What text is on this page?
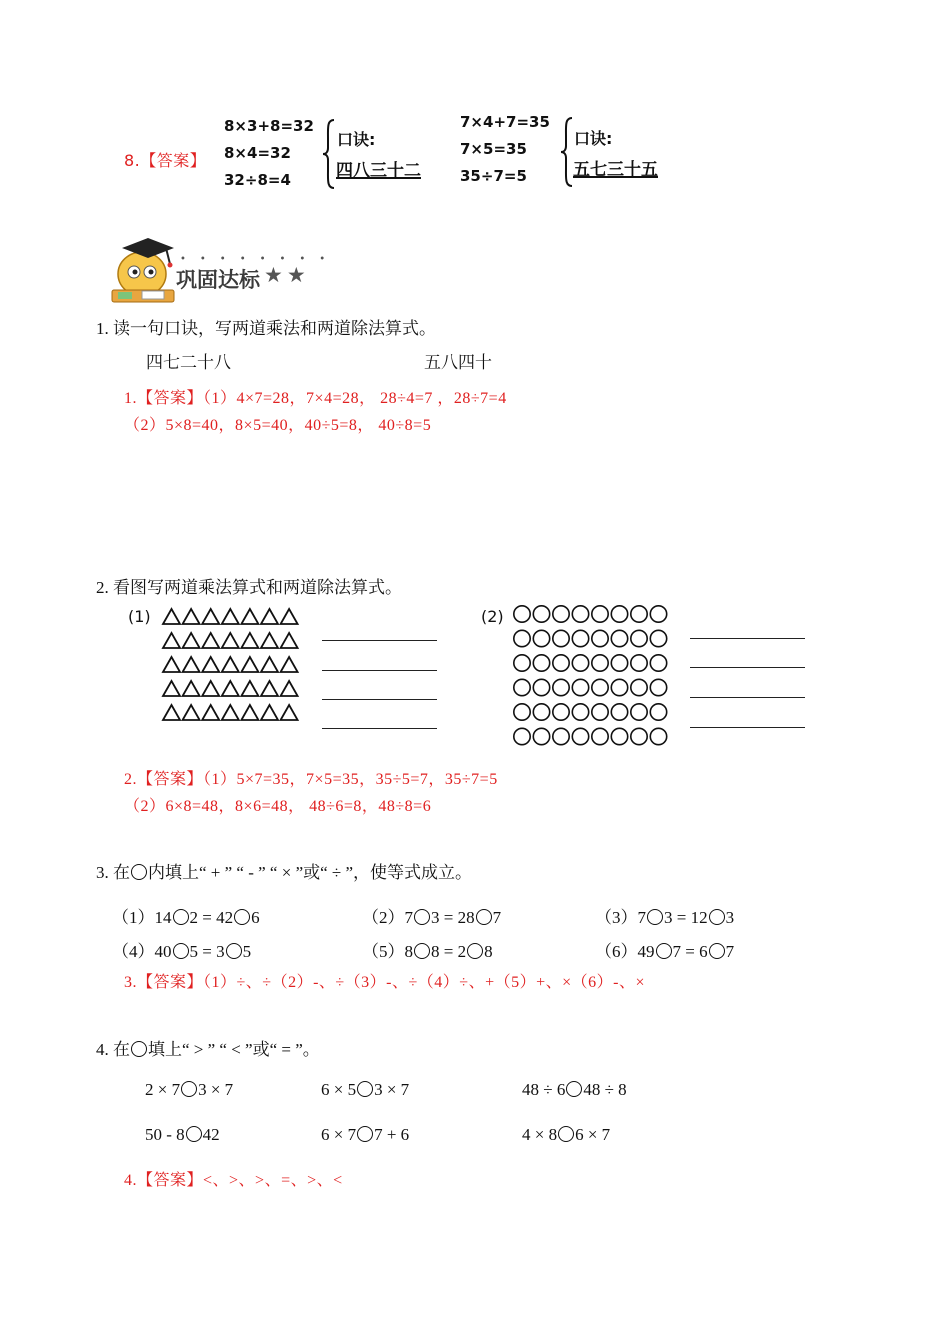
8.【答案】
8×3+8=32
8×4=32
32÷8=4
口诀:
四八三十二
7×4+7=35
7×5=35
35÷7=5
口诀:
五七三十五
••••••••
巩固达标 ★★
1. 读一句口诀，写两道乘法和两道除法算式。
四七二十八	五八四十
1.【答案】（1）4×7=28，7×4=28， 28÷4=7 ，28÷7=4
（2）5×8=40，8×5=40，40÷5=8， 40÷8=5
2. 看图写两道乘法算式和两道除法算式。
(1)	(2)
2.【答案】（1）5×7=35，7×5=35，35÷5=7，35÷7=5
（2）6×8=48，8×6=48， 48÷6=8，48÷8=6
3. 在 内填上“ + ” “ - ” “ × ”或“ ÷ ”，使等式成立。
（1）14 2 = 42 6	（2）7 3 = 28 7	（3）7 3 = 12 3
（4）40 5 = 3 5	（5）8 8 = 2 8	（6）49 7 = 6 7
3.【答案】（1）÷、÷（2）-、÷（3）-、÷（4）÷、+（5）+、×（6）-、×
4. 在 填上“ > ” “ < ”或“ = ”。
2 × 7 3 × 7	6 × 5 3 × 7	48 ÷ 6 48 ÷ 8
50 - 8 42	6 × 7 7 + 6	4 × 8 6 × 7
4.【答案】<、>、>、=、>、<
